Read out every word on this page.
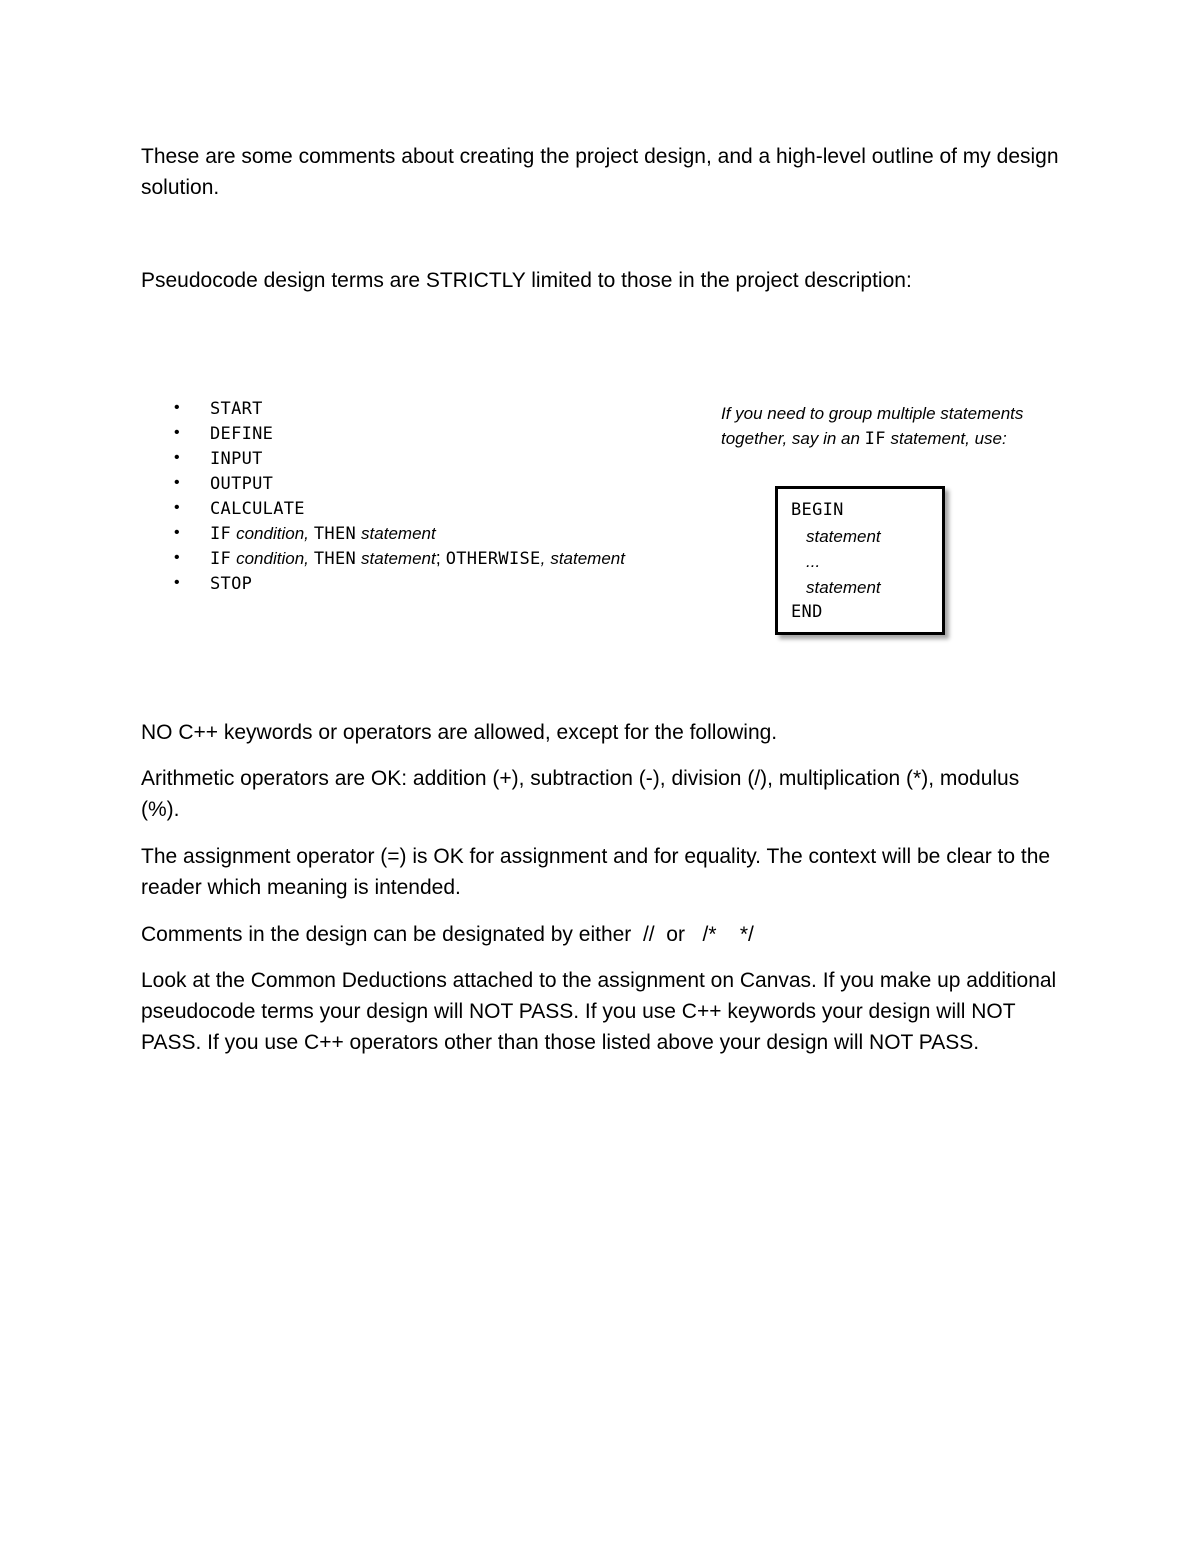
These are some comments about creating the project design, and a high-level outline of my design solution.

Pseudocode design terms are STRICTLY limited to those in the project description:

• START
• DEFINE
• INPUT
• OUTPUT
• CALCULATE
• IF condition, THEN statement
• IF condition, THEN statement; OTHERWISE, statement
• STOP

If you need to group multiple statements
together, say in an IF statement, use:

BEGIN
statement
...
statement
END

NO C++ keywords or operators are allowed, except for the following.

Arithmetic operators are OK: addition (+), subtraction (-), division (/), multiplication (*), modulus (%).

The assignment operator (=) is OK for assignment and for equality. The context will be clear to the reader which meaning is intended.

Comments in the design can be designated by either  //  or   /*    */

Look at the Common Deductions attached to the assignment on Canvas. If you make up additional pseudocode terms your design will NOT PASS. If you use C++ keywords your design will NOT PASS. If you use C++ operators other than those listed above your design will NOT PASS.
